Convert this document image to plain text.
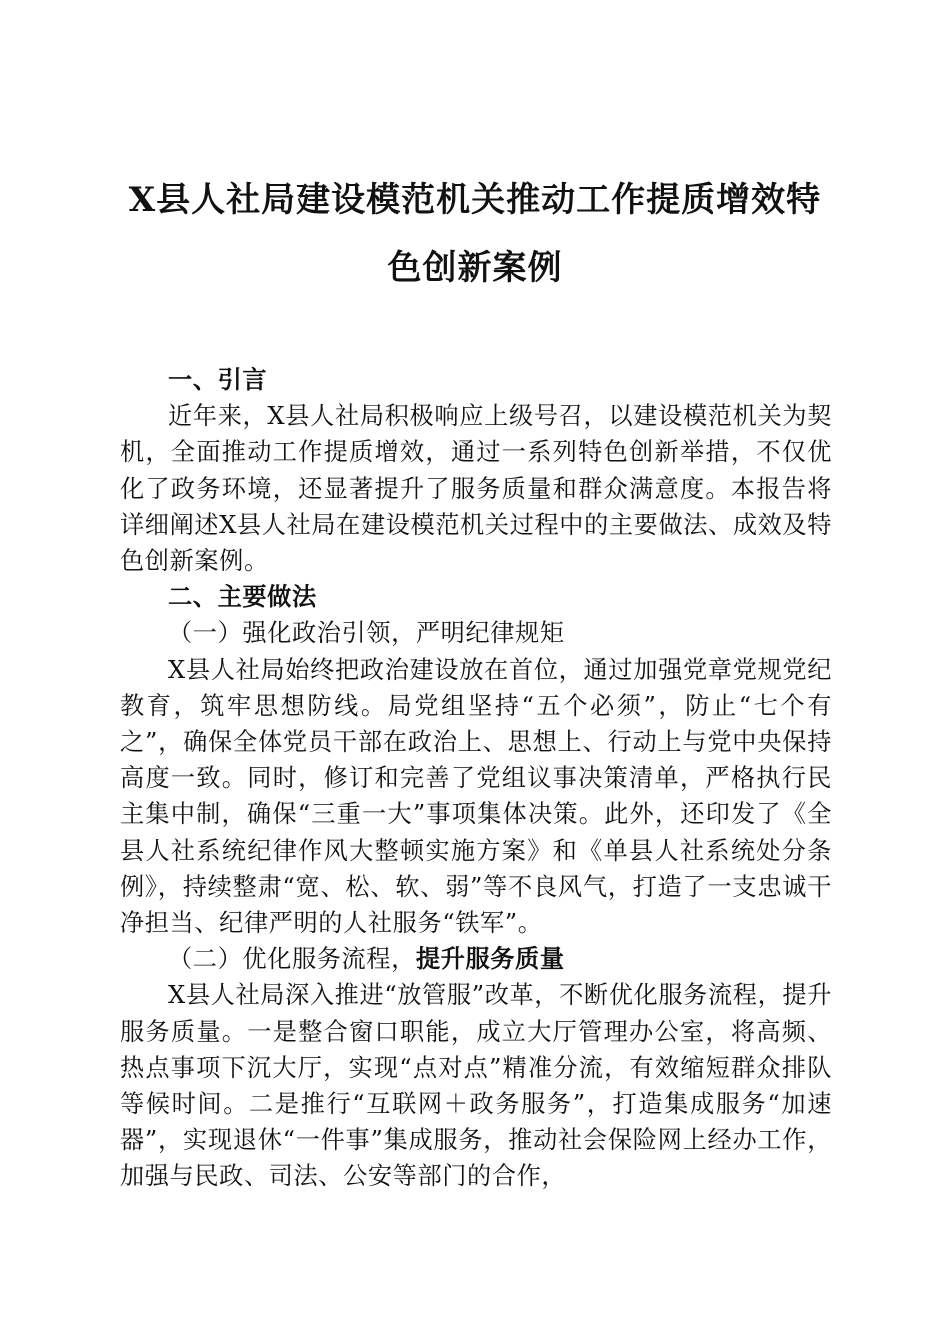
X县人社局建设模范机关推动工作提质增效特
色创新案例

一、引言

近年来，X县人社局积极响应上级号召，以建设模范机关为契机，全面推动工作提质增效，通过一系列特色创新举措，不仅优化了政务环境，还显著提升了服务质量和群众满意度。本报告将详细阐述X县人社局在建设模范机关过程中的主要做法、成效及特色创新案例。

二、主要做法

（一）强化政治引领，严明纪律规矩

X县人社局始终把政治建设放在首位，通过加强党章党规党纪教育，筑牢思想防线。局党组坚持“五个必须”，防止“七个有之”，确保全体党员干部在政治上、思想上、行动上与党中央保持高度一致。同时，修订和完善了党组议事决策清单，严格执行民主集中制，确保“三重一大”事项集体决策。此外，还印发了《全县人社系统纪律作风大整顿实施方案》和《单县人社系统处分条例》，持续整肃“宽、松、软、弱”等不良风气，打造了一支忠诚干净担当、纪律严明的人社服务“铁军”。

（二）优化服务流程，提升服务质量

X县人社局深入推进“放管服”改革，不断优化服务流程，提升服务质量。一是整合窗口职能，成立大厅管理办公室，将高频、热点事项下沉大厅，实现“点对点”精准分流，有效缩短群众排队等候时间。二是推行“互联网＋政务服务”，打造集成服务“加速器”，实现退休“一件事”集成服务，推动社会保险网上经办工作，加强与民政、司法、公安等部门的合作，
